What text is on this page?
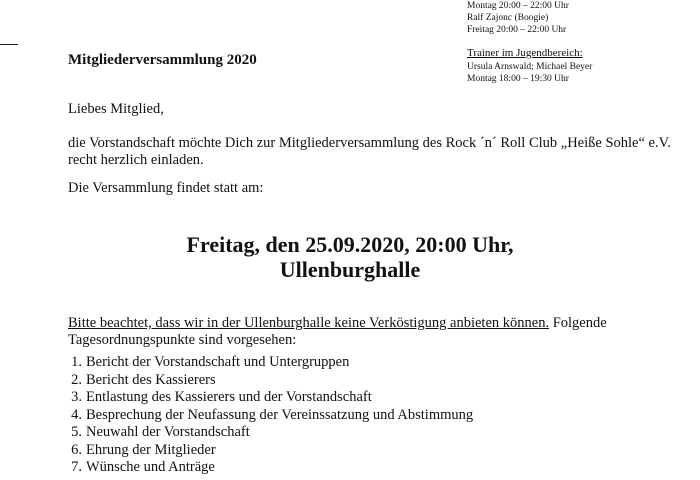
Montag 20:00 – 22:00 Uhr
Ralf Zajonc (Boogie)
Freitag 20:00 – 22:00 Uhr
Trainer im Jugendbereich:
Ursula Arnswald; Michael Beyer
Montag 18:00 – 19:30 Uhr
Mitgliederversammlung 2020
Liebes Mitglied,
die Vorstandschaft möchte Dich zur Mitgliederversammlung des Rock ´n´ Roll Club „Heiße Sohle“ e.V.
recht herzlich einladen.
Die Versammlung findet statt am:
Freitag, den 25.09.2020, 20:00 Uhr,
Ullenburghalle
Bitte beachtet, dass wir in der Ullenburghalle keine Verköstigung anbieten können. Folgende
Tagesordnungspunkte sind vorgesehen:
1. Bericht der Vorstandschaft und Untergruppen
2. Bericht des Kassierers
3. Entlastung des Kassierers und der Vorstandschaft
4. Besprechung der Neufassung der Vereinssatzung und Abstimmung
5. Neuwahl der Vorstandschaft
6. Ehrung der Mitglieder
7. Wünsche und Anträge
